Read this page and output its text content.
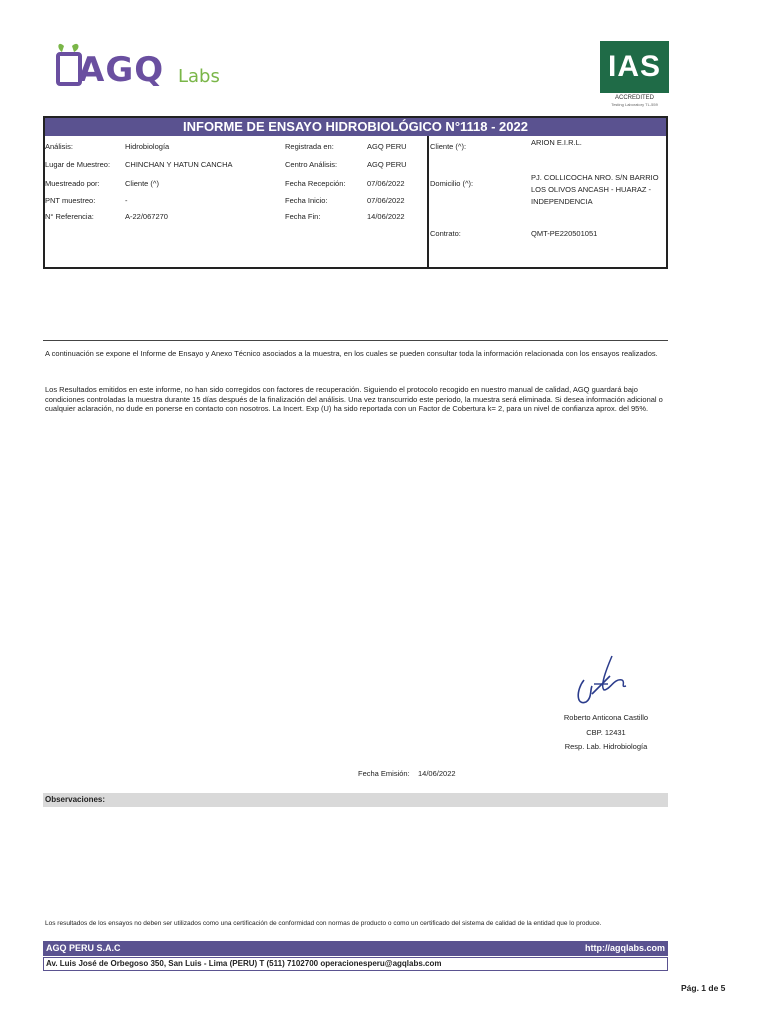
AGQ Labs	IAS
ACCREDITED
Testing Laboratory TL-559
INFORME DE ENSAYO HIDROBIOLÓGICO N°1118 - 2022
Análisis:	Hidrobiología
Lugar de Muestreo: CHINCHAN Y HATUN CANCHA
Muestreado por:	Cliente (^)
PNT muestreo:	-
N° Referencia:	A-22/067270
Registrada en:	AGQ PERU
Centro Análisis:	AGQ PERU
Fecha Recepción:	07/06/2022
Fecha Inicio:	07/06/2022
Fecha Fin:	14/06/2022
Cliente (^):	ARION E.I.R.L.
Domicilio (^):
PJ. COLLICOCHA NRO. S/N BARRIO LOS OLIVOS ANCASH - HUARAZ - INDEPENDENCIA
Contrato:	QMT-PE220501051
A continuación se expone el Informe de Ensayo y Anexo Técnico asociados a la muestra, en los cuales se pueden consultar toda la información relacionada con los ensayos realizados.
Los Resultados emitidos en este informe, no han sido corregidos con factores de recuperación. Siguiendo el protocolo recogido en nuestro manual de calidad, AGQ guardará bajo condiciones controladas la muestra durante 15 días después de la finalización del análisis. Una vez transcurrido este periodo, la muestra será eliminada. Si desea información adicional o cualquier aclaración, no dude en ponerse en contacto con nosotros. La Incert. Exp (U) ha sido reportada con un Factor de Cobertura k= 2, para un nivel de confianza aprox. del 95%.
Roberto Anticona Castillo
CBP. 12431
Resp. Lab. Hidrobiología
Fecha Emisión: 14/06/2022
Observaciones:
Los resultados de los ensayos no deben ser utilizados como una certificación de conformidad con normas de producto o como un certificado del sistema de calidad de la entidad que lo produce.
AGQ PERU S.A.C	http://agqlabs.com
Av. Luis José de Orbegoso 350, San Luis - Lima (PERU) T (511) 7102700 operacionesperu@agqlabs.com
Pág. 1 de 5
